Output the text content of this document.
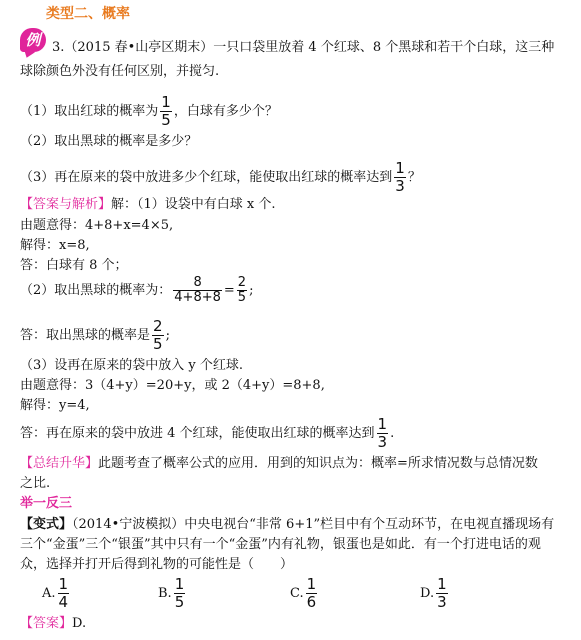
类型二、概率
例 3.（2015 春•山亭区期末）一只口袋里放着 4 个红球、8 个黑球和若干个白球，这三种
球除颜色外没有任何区别，并搅匀.
（1）取出红球的概率为 $\frac{1}{5}$ ，白球有多少个？
（2）取出黑球的概率是多少？
（3）再在原来的袋中放进多少个红球，能使取出红球的概率达到 $\frac{1}{3}$ ？
【答案与解析】解：（1）设袋中有白球 x 个.
由题意得：4+8+x=4×5,
解得：x=8,
答：白球有 8 个；
（2）取出黑球的概率为： $\frac{8}{4+8+8} = \frac{2}{5}$ ;
答：取出黑球的概率是 $\frac{2}{5}$ ;
（3）设再在原来的袋中放入 y 个红球.
由题意得：3（4+y）=20+y，或 2（4+y）=8+8,
解得：y=4,
答：再在原来的袋中放进 4 个红球，能使取出红球的概率达到 $\frac{1}{3}$ .
【总结升华】此题考查了概率公式的应用．用到的知识点为：概率=所求情况数与总情况数
之比.
举一反三
【变式】（2014•宁波模拟）中央电视台“非常 6+1”栏目中有个互动环节，在电视直播现场有
三个“金蛋”三个“银蛋”其中只有一个“金蛋”内有礼物，银蛋也是如此．有一个打进电话的观
众，选择并打开后得到礼物的可能性是（　　）
A. $\frac{1}{4}$	B. $\frac{1}{5}$	C. $\frac{1}{6}$	D. $\frac{1}{3}$
【答案】D.
